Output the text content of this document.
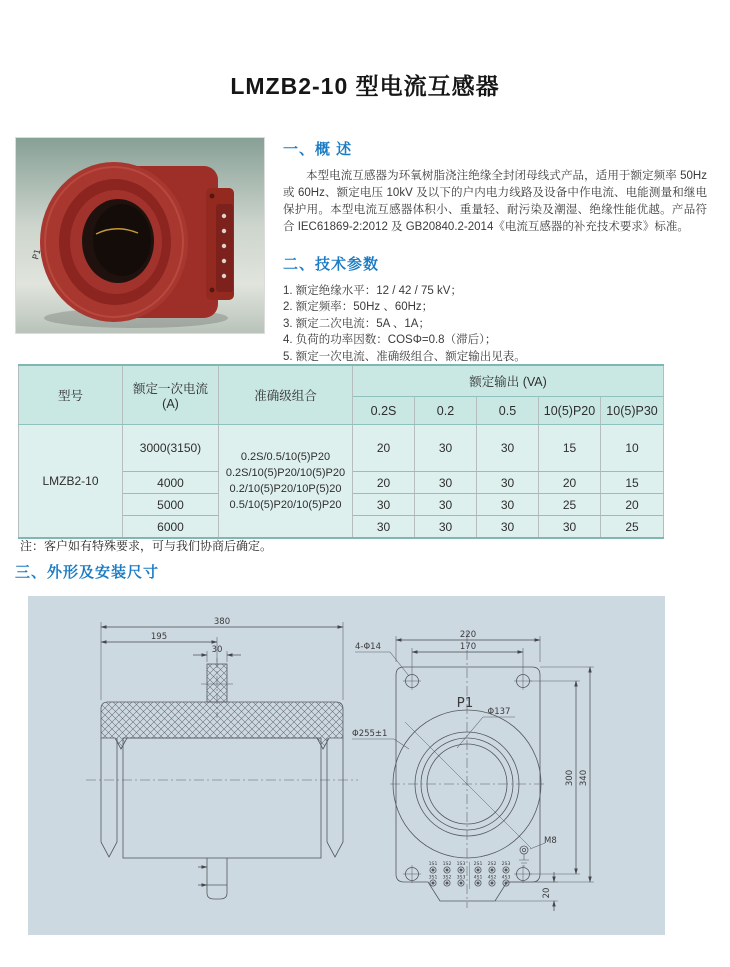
LMZB2-10 型电流互感器
P1
一、概 述

本型电流互感器为环氧树脂浇注绝缘全封闭母线式产品，适用于额定频率 50Hz 或 60Hz、额定电压 10kV 及以下的户内电力线路及设备中作电流、电能测量和继电保护用。本型电流互感器体积小、重量轻、耐污染及潮湿、绝缘性能优越。产品符合 IEC61869-2:2012 及 GB20840.2-2014《电流互感器的补充技术要求》标准。

二、技术参数
1. 额定绝缘水平：12 / 42 / 75 kV；
2. 额定频率：50Hz 、60Hz；
3. 额定二次电流：5A 、1A；
4. 负荷的功率因数：COSΦ=0.8（滞后）；
5. 额定一次电流、准确级组合、额定输出见表。
型号	额定一次电流
(A)	准确级组合	额定输出 (VA)				
			0.2S	0.2	0.5	10(5)P20	10(5)P30
LMZB2-10	3000(3150)	0.2S/0.5/10(5)P20
0.2S/10(5)P20/10(5)P20
0.2/10(5)P20/10P(5)20
0.5/10(5)P20/10(5)P20	20	30	30	15	10
	4000		20	30	30	20	15
	5000		30	30	30	25	20
	6000		30	30	30	30	25
注：客户如有特殊要求，可与我们协商后确定。
三、外形及安装尺寸
380
195
30
1S1 1S2 1S3 2S1 2S2 2S3
3S1 3S2 3S3 4S1 4S2 4S3
220
170
300 340
20
4-Φ14
Φ255±1
Φ137
P1
M8
